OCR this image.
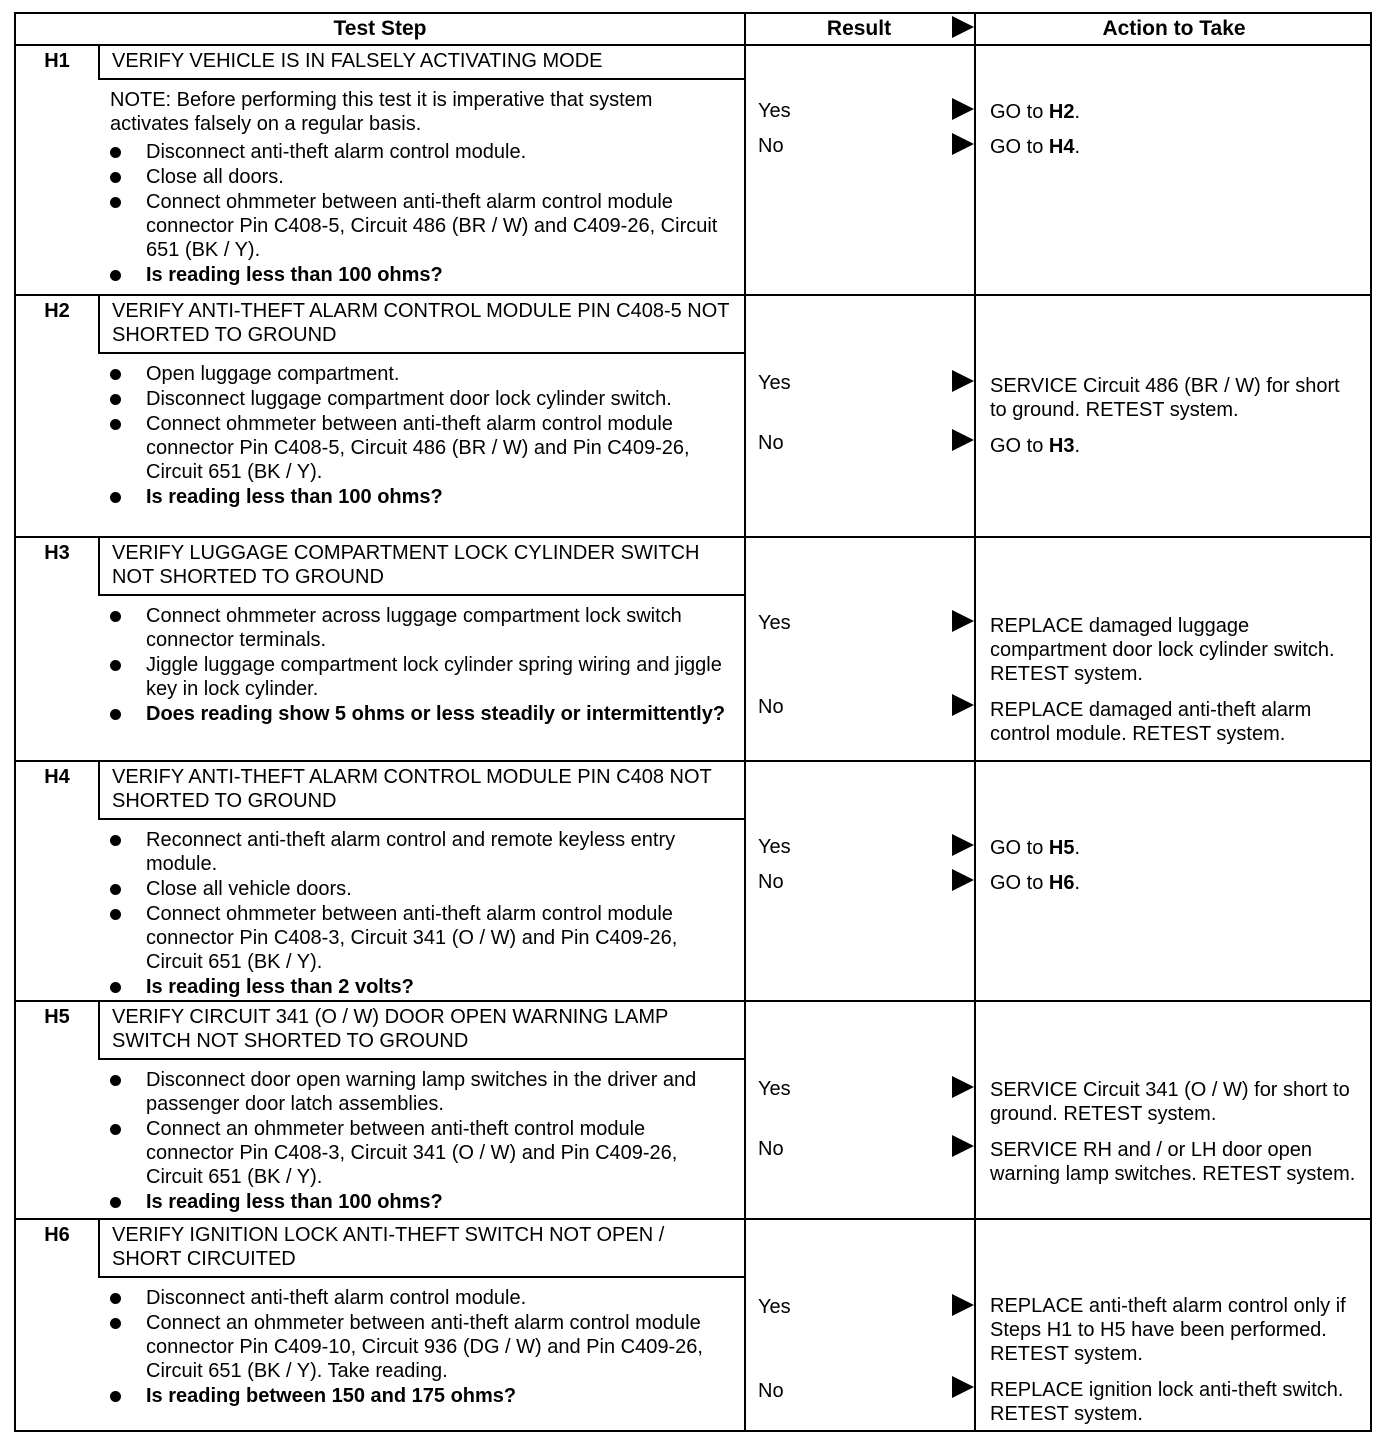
Test Step	Result	Action to Take
H1	VERIFY VEHICLE IS IN FALSELY ACTIVATING MODE

NOTE: Before performing this test it is imperative that system activates falsely on a regular basis.

Disconnect anti-theft alarm control module.
Close all doors.
Connect ohmmeter between anti-theft alarm control module connector Pin C408-5, Circuit 486 (BR / W) and C409-26, Circuit 651 (BK / Y).
Is reading less than 100 ohms?
Yes	GO to H2.
No	GO to H4.
H2	VERIFY ANTI-THEFT ALARM CONTROL MODULE PIN C408-5 NOT SHORTED TO GROUND
Open luggage compartment.
Disconnect luggage compartment door lock cylinder switch.
Connect ohmmeter between anti-theft alarm control module connector Pin C408-5, Circuit 486 (BR / W) and Pin C409-26, Circuit 651 (BK / Y).
Is reading less than 100 ohms?
Yes	SERVICE Circuit 486 (BR / W) for short to ground. RETEST system.
No	GO to H3.
H3	VERIFY LUGGAGE COMPARTMENT LOCK CYLINDER SWITCH NOT SHORTED TO GROUND
Connect ohmmeter across luggage compartment lock switch connector terminals.
Jiggle luggage compartment lock cylinder spring wiring and jiggle key in lock cylinder.
Does reading show 5 ohms or less steadily or intermittently?
Yes	REPLACE damaged luggage compartment door lock cylinder switch. RETEST system.
No	REPLACE damaged anti-theft alarm control module. RETEST system.
H4	VERIFY ANTI-THEFT ALARM CONTROL MODULE PIN C408 NOT SHORTED TO GROUND
Reconnect anti-theft alarm control and remote keyless entry module.
Close all vehicle doors.
Connect ohmmeter between anti-theft alarm control module connector Pin C408-3, Circuit 341 (O / W) and Pin C409-26, Circuit 651 (BK / Y).
Is reading less than 2 volts?
Yes	GO to H5.
No	GO to H6.
H5	VERIFY CIRCUIT 341 (O / W) DOOR OPEN WARNING LAMP SWITCH NOT SHORTED TO GROUND
Disconnect door open warning lamp switches in the driver and passenger door latch assemblies.
Connect an ohmmeter between anti-theft control module connector Pin C408-3, Circuit 341 (O / W) and Pin C409-26, Circuit 651 (BK / Y).
Is reading less than 100 ohms?
Yes	SERVICE Circuit 341 (O / W) for short to ground. RETEST system.
No	SERVICE RH and / or LH door open warning lamp switches. RETEST system.
H6	VERIFY IGNITION LOCK ANTI-THEFT SWITCH NOT OPEN / SHORT CIRCUITED
Disconnect anti-theft alarm control module.
Connect an ohmmeter between anti-theft alarm control module connector Pin C409-10, Circuit 936 (DG / W) and Pin C409-26, Circuit 651 (BK / Y). Take reading.
Is reading between 150 and 175 ohms?
Yes	REPLACE anti-theft alarm control only if Steps H1 to H5 have been performed. RETEST system.
No	REPLACE ignition lock anti-theft switch. RETEST system.
